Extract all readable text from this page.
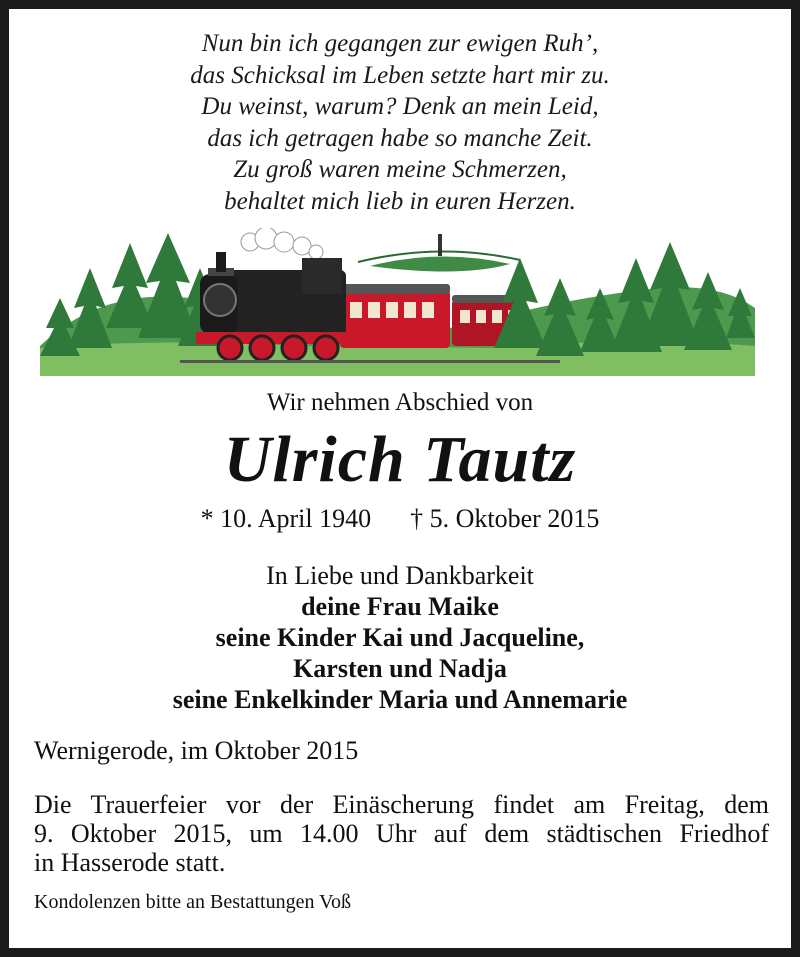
Nun bin ich gegangen zur ewigen Ruh’,
das Schicksal im Leben setzte hart mir zu.
Du weinst, warum? Denk an mein Leid,
das ich getragen habe so manche Zeit.
Zu groß waren meine Schmerzen,
behaltet mich lieb in euren Herzen.
Wir nehmen Abschied von
Ulrich Tautz
* 10. April 1940 † 5. Oktober 2015
In Liebe und Dankbarkeit
deine Frau Maike
seine Kinder Kai und Jacqueline,
Karsten und Nadja
seine Enkelkinder Maria und Annemarie
Wernigerode, im Oktober 2015
Die Trauerfeier vor der Einäscherung findet am Freitag, dem
9. Oktober 2015, um 14.00 Uhr auf dem städtischen Friedhof
in Hasserode statt.
Kondolenzen bitte an Bestattungen Voß
